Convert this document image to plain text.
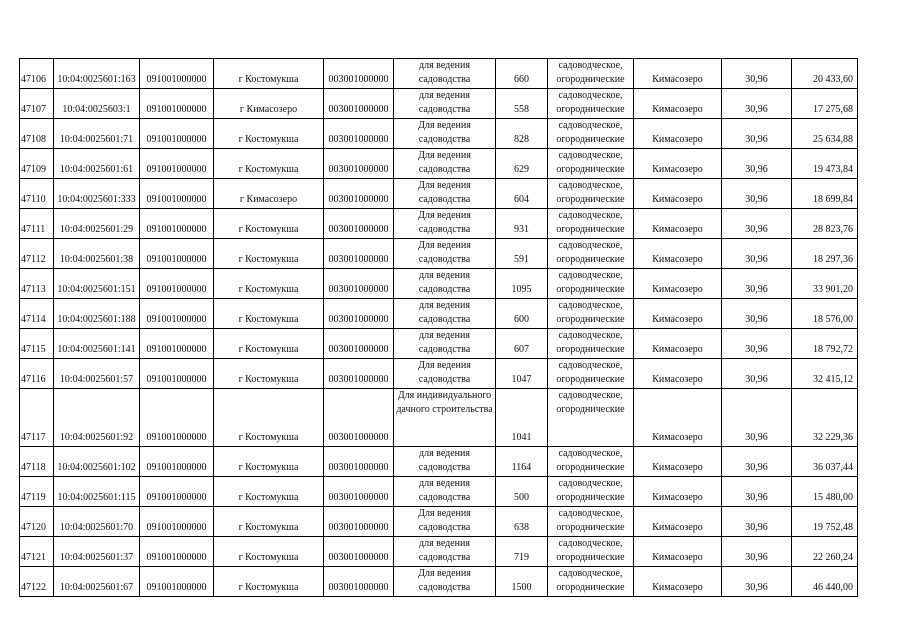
47106	10:04:0025601:163	091001000000	г Костомукша	003001000000	для ведения садоводства	660	садоводческое, огороднические	Кимасозеро	30,96	20 433,60
47107	10:04:0025603:1	091001000000	г Кимасозеро	003001000000	для ведения садоводства	558	садоводческое, огороднические	Кимасозеро	30,96	17 275,68
47108	10:04:0025601:71	091001000000	г Костомукша	003001000000	Для ведения садоводства	828	садоводческое, огороднические	Кимасозеро	30,96	25 634,88
47109	10:04:0025601:61	091001000000	г Костомукша	003001000000	Для ведения садоводства	629	садоводческое, огороднические	Кимасозеро	30,96	19 473,84
47110	10:04:0025601:333	091001000000	г Кимасозеро	003001000000	Для ведения садоводства	604	садоводческое, огороднические	Кимасозеро	30,96	18 699,84
47111	10:04:0025601:29	091001000000	г Костомукша	003001000000	Для ведения садоводства	931	садоводческое, огороднические	Кимасозеро	30,96	28 823,76
47112	10:04:0025601:38	091001000000	г Костомукша	003001000000	Для ведения садоводства	591	садоводческое, огороднические	Кимасозеро	30,96	18 297,36
47113	10:04:0025601:151	091001000000	г Костомукша	003001000000	для ведения садоводства	1095	садоводческое, огороднические	Кимасозеро	30,96	33 901,20
47114	10:04:0025601:188	091001000000	г Костомукша	003001000000	для ведения садоводства	600	садоводческое, огороднические	Кимасозеро	30,96	18 576,00
47115	10:04:0025601:141	091001000000	г Костомукша	003001000000	для ведения садоводства	607	садоводческое, огороднические	Кимасозеро	30,96	18 792,72
47116	10:04:0025601:57	091001000000	г Костомукша	003001000000	Для ведения садоводства	1047	садоводческое, огороднические	Кимасозеро	30,96	32 415,12
47117	10:04:0025601:92	091001000000	г Костомукша	003001000000	Для индивидуального дачного строительства	1041	садоводческое, огороднические	Кимасозеро	30,96	32 229,36
47118	10:04:0025601:102	091001000000	г Костомукша	003001000000	для ведения садоводства	1164	садоводческое, огороднические	Кимасозеро	30,96	36 037,44
47119	10:04:0025601:115	091001000000	г Костомукша	003001000000	для ведения садоводства	500	садоводческое, огороднические	Кимасозеро	30,96	15 480,00
47120	10:04:0025601:70	091001000000	г Костомукша	003001000000	Для ведения садоводства	638	садоводческое, огороднические	Кимасозеро	30,96	19 752,48
47121	10:04:0025601:37	091001000000	г Костомукша	003001000000	для ведения садоводства	719	садоводческое, огороднические	Кимасозеро	30,96	22 260,24
47122	10:04:0025601:67	091001000000	г Костомукша	003001000000	Для ведения садоводства	1500	садоводческое, огороднические	Кимасозеро	30,96	46 440,00
